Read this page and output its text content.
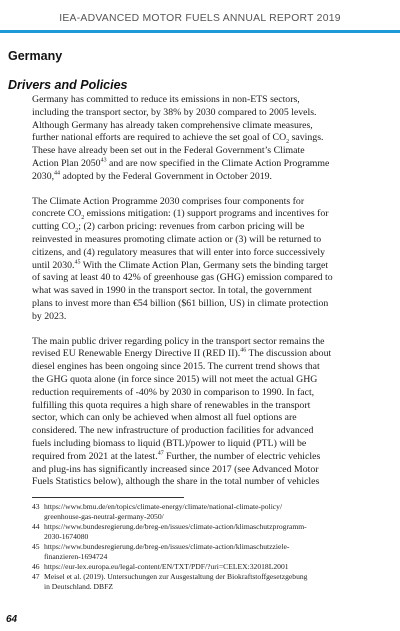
IEA-ADVANCED MOTOR FUELS ANNUAL REPORT 2019
Germany
Drivers and Policies

Germany has committed to reduce its emissions in non-ETS sectors,
including the transport sector, by 38% by 2030 compared to 2005 levels.
Although Germany has already taken comprehensive climate measures,
further national efforts are required to achieve the set goal of $CO_2$ savings.
These have already been set out in the Federal Government’s Climate
Action Plan 2050$^{43}$ and are now specified in the Climate Action Programme
2030,44 adopted by the Federal Government in October 2019.

The Climate Action Programme 2030 comprises four components for
concrete $CO_2$ emissions mitigation: (1) support programs and incentives for
cutting $CO_2$; (2) carbon pricing: revenues from carbon pricing will be
reinvested in measures promoting climate action or (3) will be returned to
citizens, and (4) regulatory measures that will enter into force successively
until 2030.45 With the Climate Action Plan, Germany sets the binding target
of saving at least 40 to 42% of greenhouse gas (GHG) emission compared to
what was saved in 1990 in the transport sector. In total, the government
plans to invest more than €54 billion ($61 billion, US) in climate protection
by 2023.

The main public driver regarding policy in the transport sector remains the
revised EU Renewable Energy Directive II (RED II).$^{46}$ The discussion about
diesel engines has been ongoing since 2015. The current trend shows that
the GHG quota alone (in force since 2015) will not meet the actual GHG
reduction requirements of -40% by 2030 in comparison to 1990. In fact,
fulfilling this quota requires a high share of renewables in the transport
sector, which can only be achieved when almost all fuel options are
considered. The new infrastructure of production facilities for advanced
fuels including biomass to liquid (BTL)/power to liquid (PTL) will be
required from 2021 at the latest.$^{47}$ Further, the number of electric vehicles
and plug-ins has significantly increased since 2017 (see Advanced Motor
Fuels Statistics below), although the share in the total number of vehicles

43 https://www.bmu.de/en/topics/climate-energy/climate/national-climate-policy/
greenhouse-gas-neutral-germany-2050/
44 https://www.bundesregierung.de/breg-en/issues/climate-action/klimaschutzprogramm-
2030-1674080
45 https://www.bundesregierung.de/breg-en/issues/climate-action/klimaschutzziele-
finanzieren-1694724
46 https://eur-lex.europa.eu/legal-content/EN/TXT/PDF/?uri=CELEX:32018L2001
47 Meisel et al. (2019). Untersuchungen zur Ausgestaltung der Biokraftstoffgesetzgebung
in Deutschland. DBFZ
64
